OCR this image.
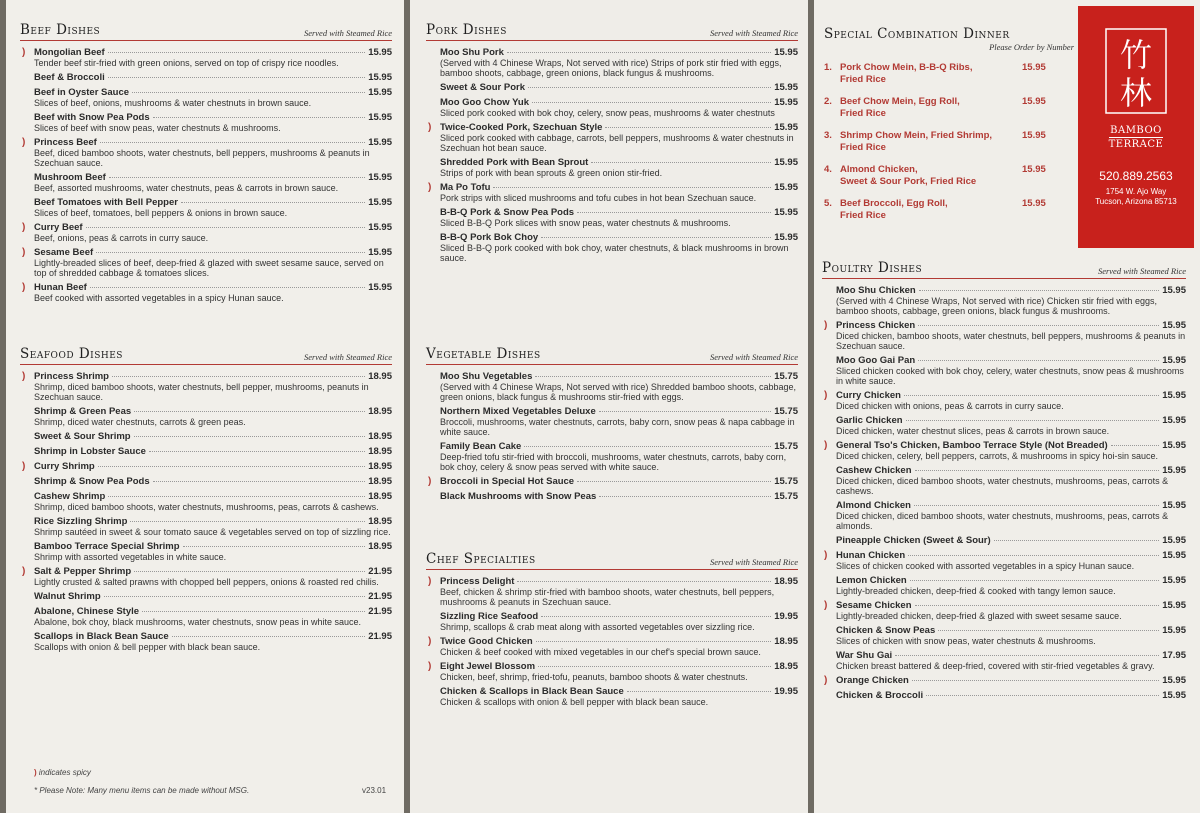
Beef Dishes	Served with Steamed Rice
) Mongolian Beef	15.95
Tender beef stir-fried with green onions, served on top of crispy rice noodles.
Beef & Broccoli	15.95
Beef in Oyster Sauce	15.95
Slices of beef, onions, mushrooms & water chestnuts in brown sauce.
Beef with Snow Pea Pods	15.95
Slices of beef with snow peas, water chestnuts & mushrooms.
) Princess Beef	15.95
Beef, diced bamboo shoots, water chestnuts, bell peppers, mushrooms & peanuts in Szechuan sauce.
Mushroom Beef	15.95
Beef, assorted mushrooms, water chestnuts, peas & carrots in brown sauce.
Beef Tomatoes with Bell Pepper	15.95
Slices of beef, tomatoes, bell peppers & onions in brown sauce.
) Curry Beef	15.95
Beef, onions, peas & carrots in curry sauce.
) Sesame Beef	15.95
Lightly-breaded slices of beef, deep-fried & glazed with sweet sesame sauce, served on top of shredded cabbage & tomatoes slices.
) Hunan Beef	15.95
Beef cooked with assorted vegetables in a spicy Hunan sauce.
Seafood Dishes	Served with Steamed Rice
) Princess Shrimp	18.95
Shrimp, diced bamboo shoots, water chestnuts, bell pepper, mushrooms, peanuts in Szechuan sauce.
Shrimp & Green Peas	18.95
Shrimp, diced water chestnuts, carrots & green peas.
Sweet & Sour Shrimp	18.95
Shrimp in Lobster Sauce	18.95
) Curry Shrimp	18.95
Shrimp & Snow Pea Pods	18.95
Cashew Shrimp	18.95
Shrimp, diced bamboo shoots, water chestnuts, mushrooms, peas, carrots & cashews.
Rice Sizzling Shrimp	18.95
Shrimp sautéed in sweet & sour tomato sauce & vegetables served on top of sizzling rice.
Bamboo Terrace Special Shrimp	18.95
Shrimp with assorted vegetables in white sauce.
) Salt & Pepper Shrimp	21.95
Lightly crusted & salted prawns with chopped bell peppers, onions & roasted red chilis.
Walnut Shrimp	21.95
Abalone, Chinese Style	21.95
Abalone, bok choy, black mushrooms, water chestnuts, snow peas in white sauce.
Scallops in Black Bean Sauce	21.95
Scallops with onion & bell pepper with black bean sauce.
) indicates spicy
* Please Note: Many menu items can be made without MSG.	v23.01
Pork Dishes	Served with Steamed Rice
Moo Shu Pork	15.95
(Served with 4 Chinese Wraps, Not served with rice) Strips of pork stir fried with eggs, bamboo shoots, cabbage, green onions, black fungus & mushrooms.
Sweet & Sour Pork	15.95
Moo Goo Chow Yuk	15.95
Sliced pork cooked with bok choy, celery, snow peas, mushrooms & water chestnuts
) Twice-Cooked Pork, Szechuan Style	15.95
Sliced pork cooked with cabbage, carrots, bell peppers, mushrooms & water chestnuts in Szechuan hot bean sauce.
Shredded Pork with Bean Sprout	15.95
Strips of pork with bean sprouts & green onion stir-fried.
) Ma Po Tofu	15.95
Pork strips with sliced mushrooms and tofu cubes in hot bean Szechuan sauce.
B-B-Q Pork & Snow Pea Pods	15.95
Sliced B-B-Q Pork slices with snow peas, water chestnuts & mushrooms.
B-B-Q Pork Bok Choy	15.95
Sliced B-B-Q pork cooked with bok choy, water chestnuts, & black mushrooms in brown sauce.
Vegetable Dishes	Served with Steamed Rice
Moo Shu Vegetables	15.75
(Served with 4 Chinese Wraps, Not served with rice) Shredded bamboo shoots, cabbage, green onions, black fungus & mushrooms stir-fried with eggs.
Northern Mixed Vegetables Deluxe	15.75
Broccoli, mushrooms, water chestnuts, carrots, baby corn, snow peas & napa cabbage in white sauce.
Family Bean Cake	15.75
Deep-fried tofu stir-fried with broccoli, mushrooms, water chestnuts, carrots, baby corn, bok choy, celery & snow peas served with white sauce.
) Broccoli in Special Hot Sauce	15.75
Black Mushrooms with Snow Peas	15.75
Chef Specialties	Served with Steamed Rice
) Princess Delight	18.95
Beef, chicken & shrimp stir-fried with bamboo shoots, water chestnuts, bell peppers, mushrooms & peanuts in Szechuan sauce.
Sizzling Rice Seafood	19.95
Shrimp, scallops & crab meat along with assorted vegetables over sizzling rice.
) Twice Good Chicken	18.95
Chicken & beef cooked with mixed vegetables in our chef's special brown sauce.
) Eight Jewel Blossom	18.95
Chicken, beef, shrimp, fried-tofu, peanuts, bamboo shoots & water chestnuts.
Chicken & Scallops in Black Bean Sauce	19.95
Chicken & scallops with onion & bell pepper with black bean sauce.
Special Combination Dinner
Please Order by Number
1. Pork Chow Mein, B-B-Q Ribs,
Fried Rice
15.95
2. Beef Chow Mein, Egg Roll,
Fried Rice
15.95
3. Shrimp Chow Mein, Fried Shrimp,
Fried Rice
15.95
4. Almond Chicken,
Sweet & Sour Pork, Fried Rice
15.95
5. Beef Broccoli, Egg Roll,
Fried Rice
15.95
竹
林
BAMBOO
TERRACE
520.889.2563
1754 W. Ajo Way
Tucson, Arizona 85713
Poultry Dishes	Served with Steamed Rice
Moo Shu Chicken	15.95
(Served with 4 Chinese Wraps, Not served with rice) Chicken stir fried with eggs, bamboo shoots, cabbage, green onions, black fungus & mushrooms.
) Princess Chicken	15.95
Diced chicken, bamboo shoots, water chestnuts, bell peppers, mushrooms & peanuts in Szechuan sauce.
Moo Goo Gai Pan	15.95
Sliced chicken cooked with bok choy, celery, water chestnuts, snow peas & mushrooms in white sauce.
) Curry Chicken	15.95
Diced chicken with onions, peas & carrots in curry sauce.
Garlic Chicken	15.95
Diced chicken, water chestnut slices, peas & carrots in brown sauce.
) General Tso's Chicken, Bamboo Terrace Style (Not Breaded)	15.95
Diced chicken, celery, bell peppers, carrots, & mushrooms in spicy hoi-sin sauce.
Cashew Chicken	15.95
Diced chicken, diced bamboo shoots, water chestnuts, mushrooms, peas, carrots & cashews.
Almond Chicken	15.95
Diced chicken, diced bamboo shoots, water chestnuts, mushrooms, peas, carrots & almonds.
Pineapple Chicken (Sweet & Sour)	15.95
) Hunan Chicken	15.95
Slices of chicken cooked with assorted vegetables in a spicy Hunan sauce.
Lemon Chicken	15.95
Lightly-breaded chicken, deep-fried & cooked with tangy lemon sauce.
) Sesame Chicken	15.95
Lightly-breaded chicken, deep-fried & glazed with sweet sesame sauce.
Chicken & Snow Peas	15.95
Slices of chicken with snow peas, water chestnuts & mushrooms.
War Shu Gai	17.95
Chicken breast battered & deep-fried, covered with stir-fried vegetables & gravy.
) Orange Chicken	15.95
Chicken & Broccoli	15.95
